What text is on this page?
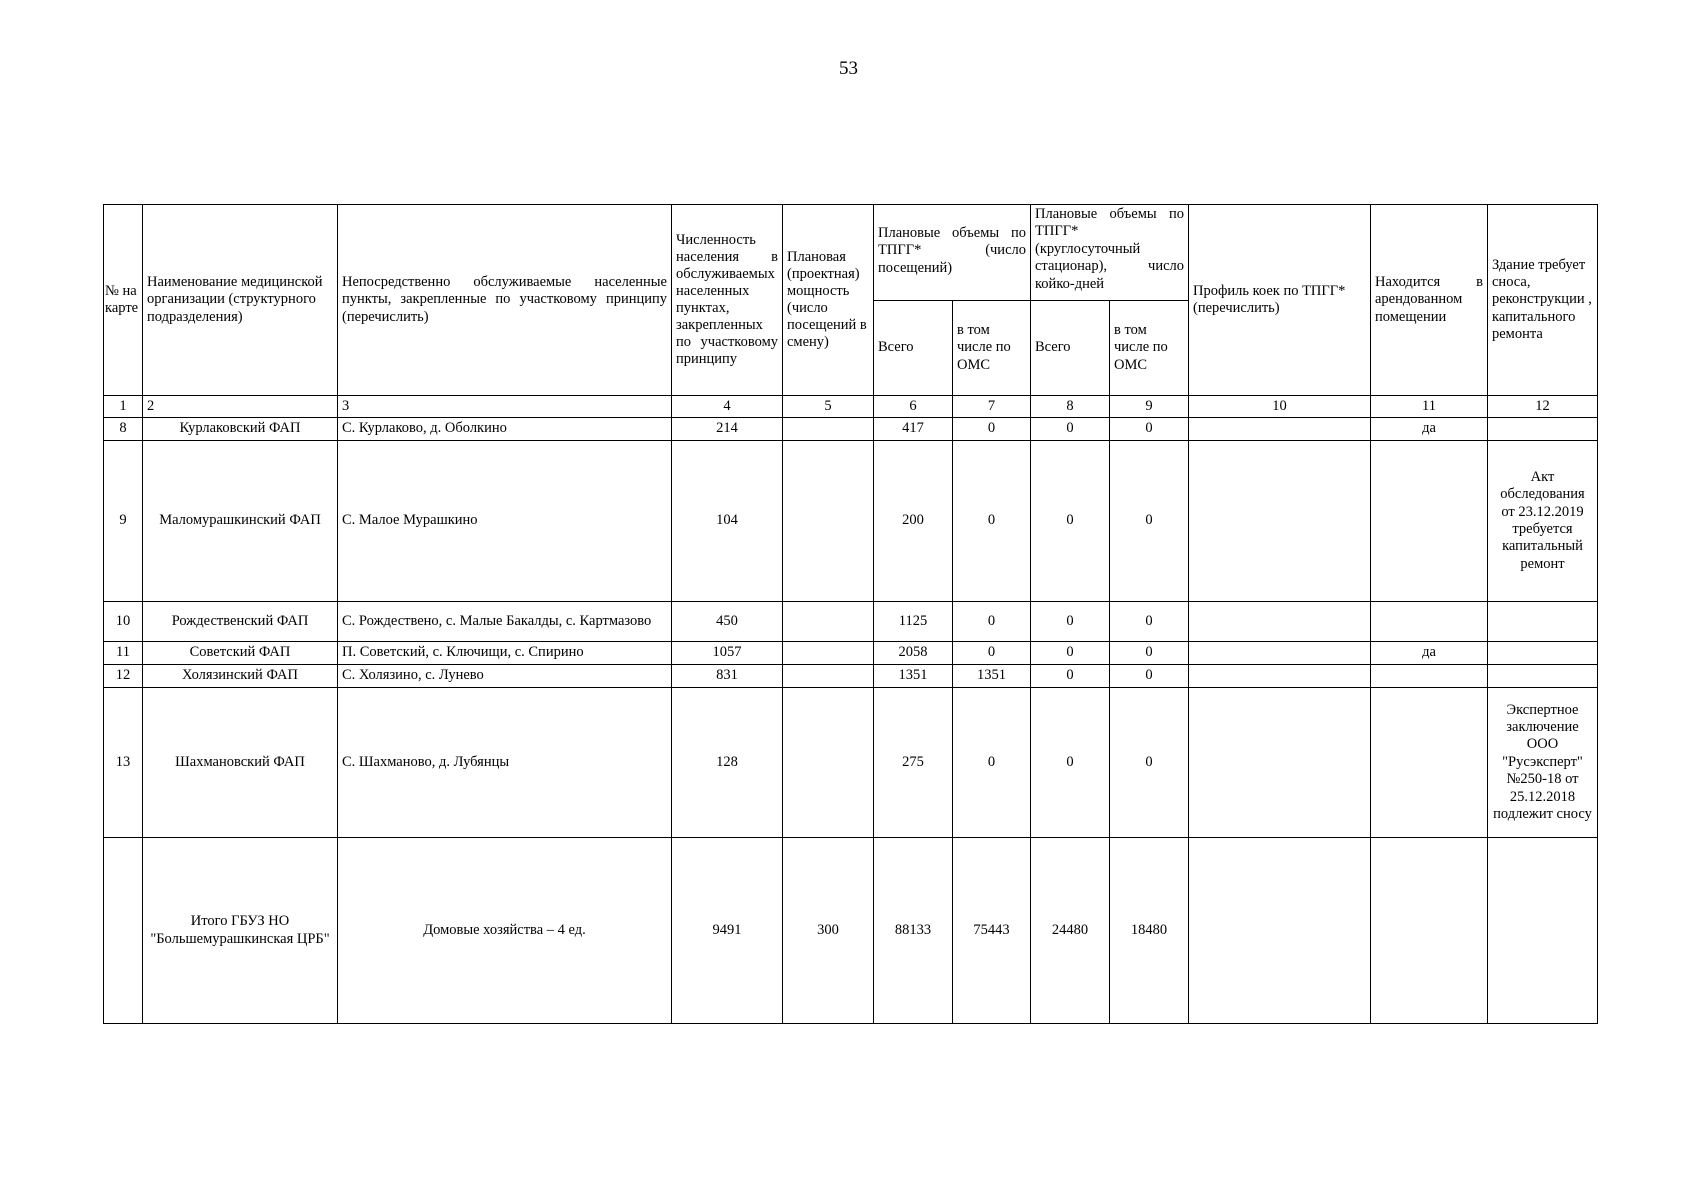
53
№ на карте	Наименование медицинской организации (структурного подразделения)	Непосредственно обслуживаемые населенные пункты, закрепленные по участковому принципу (перечислить)	Численность населения в обслуживаемых населенных пунктах, закрепленных по участковому принципу	Плановая (проектная) мощность (число посещений в смену)	Плановые объемы по ТПГГ* (число посещений)		Плановые объемы по ТПГГ* (круглосуточный стационар), число койко-дней		Профиль коек по ТПГГ* (перечислить)	Находится в арендованном помещении	Здание требует сноса, реконструкции , капитального ремонта
					Всего	в том числе по ОМС	Всего	в том числе по ОМС			
1	2	3	4	5	6	7	8	9	10	11	12
8	Курлаковский ФАП	С. Курлаково, д. Оболкино	214		417	0	0	0		да	
9	Маломурашкинский ФАП	С. Малое Мурашкино	104		200	0	0	0			Акт обследования от 23.12.2019 требуется капитальный ремонт
10	Рождественский ФАП	С. Рождествено, с. Малые Бакалды, с. Картмазово	450		1125	0	0	0			
11	Советский ФАП	П. Советский, с. Ключищи, с. Спирино	1057		2058	0	0	0		да	
12	Холязинский ФАП	С. Холязино, с. Лунево	831		1351	1351	0	0			
13	Шахмановский ФАП	С. Шахманово, д. Лубянцы	128		275	0	0	0			Экспертное заключение ООО "Русэксперт" №250-18 от 25.12.2018 подлежит сносу
	Итого ГБУЗ НО "Большемурашкинская ЦРБ"	Домовые хозяйства – 4 ед.	9491	300	88133	75443	24480	18480			
